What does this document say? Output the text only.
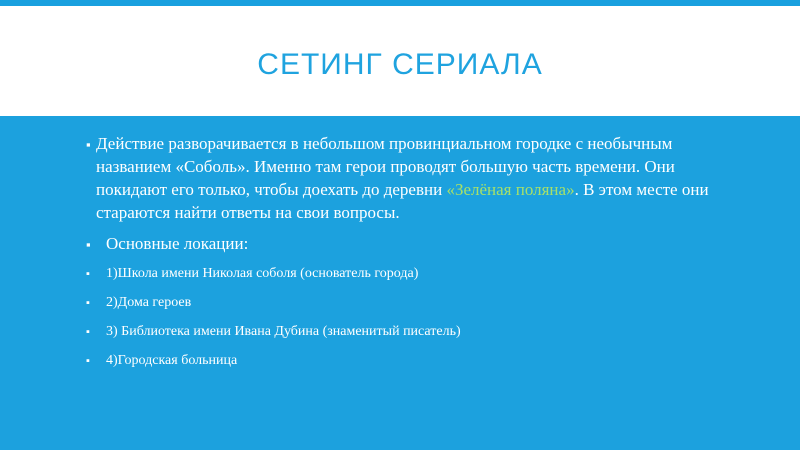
СЕТИНГ СЕРИАЛА
▪ Действие разворачивается в небольшом провинциальном городке с необычным названием «Соболь». Именно там герои проводят большую часть времени. Они покидают его только, чтобы доехать до деревни «Зелёная поляна». В этом месте они стараются найти ответы на свои вопросы.
▪ Основные локации:
▪ 1)Школа имени Николая соболя (основатель города)
▪ 2)Дома героев
▪ 3) Библиотека имени Ивана Дубина (знаменитый писатель)
▪ 4)Городская больница
